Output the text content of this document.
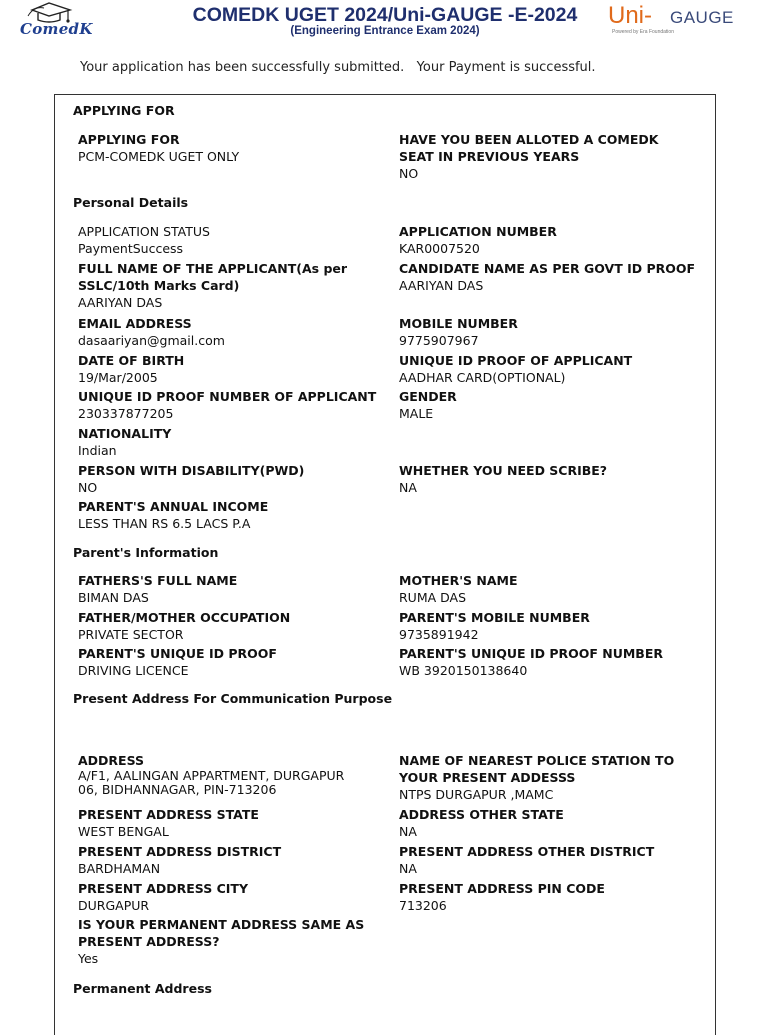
ComedK
COMEDK UGET 2024/Uni-GAUGE -E-2024
(Engineering Entrance Exam 2024)
Uni- GAUGE
Powered by Era Foundation
Your application has been successfully submitted.   Your Payment is successful.
APPLYING FOR
APPLYING FOR
PCM-COMEDK UGET ONLY
HAVE YOU BEEN ALLOTED A COMEDK SEAT IN PREVIOUS YEARS
NO
Personal Details
APPLICATION STATUS
PaymentSuccess
APPLICATION NUMBER
KAR0007520
FULL NAME OF THE APPLICANT(As per SSLC/10th Marks Card)
AARIYAN DAS
CANDIDATE NAME AS PER GOVT ID PROOF
AARIYAN DAS
EMAIL ADDRESS
dasaariyan@gmail.com
MOBILE NUMBER
9775907967
DATE OF BIRTH
19/Mar/2005
UNIQUE ID PROOF OF APPLICANT
AADHAR CARD(OPTIONAL)
UNIQUE ID PROOF NUMBER OF APPLICANT
230337877205
GENDER
MALE
NATIONALITY
Indian
PERSON WITH DISABILITY(PWD)
NO
WHETHER YOU NEED SCRIBE?
NA
PARENT'S ANNUAL INCOME
LESS THAN RS 6.5 LACS P.A
Parent's Information
FATHERS'S FULL NAME
BIMAN DAS
MOTHER'S NAME
RUMA DAS
FATHER/MOTHER OCCUPATION
PRIVATE SECTOR
PARENT'S MOBILE NUMBER
9735891942
PARENT'S UNIQUE ID PROOF
DRIVING LICENCE
PARENT'S UNIQUE ID PROOF NUMBER
WB 3920150138640
Present Address For Communication Purpose
ADDRESS
A/F1, AALINGAN APPARTMENT, DURGAPUR 06, BIDHANNAGAR, PIN-713206
NAME OF NEAREST POLICE STATION TO YOUR PRESENT ADDESSS
NTPS DURGAPUR ,MAMC
PRESENT ADDRESS STATE
WEST BENGAL
ADDRESS OTHER STATE
NA
PRESENT ADDRESS DISTRICT
BARDHAMAN
PRESENT ADDRESS OTHER DISTRICT
NA
PRESENT ADDRESS CITY
DURGAPUR
PRESENT ADDRESS PIN CODE
713206
IS YOUR PERMANENT ADDRESS SAME AS PRESENT ADDRESS?
Yes
Permanent Address
